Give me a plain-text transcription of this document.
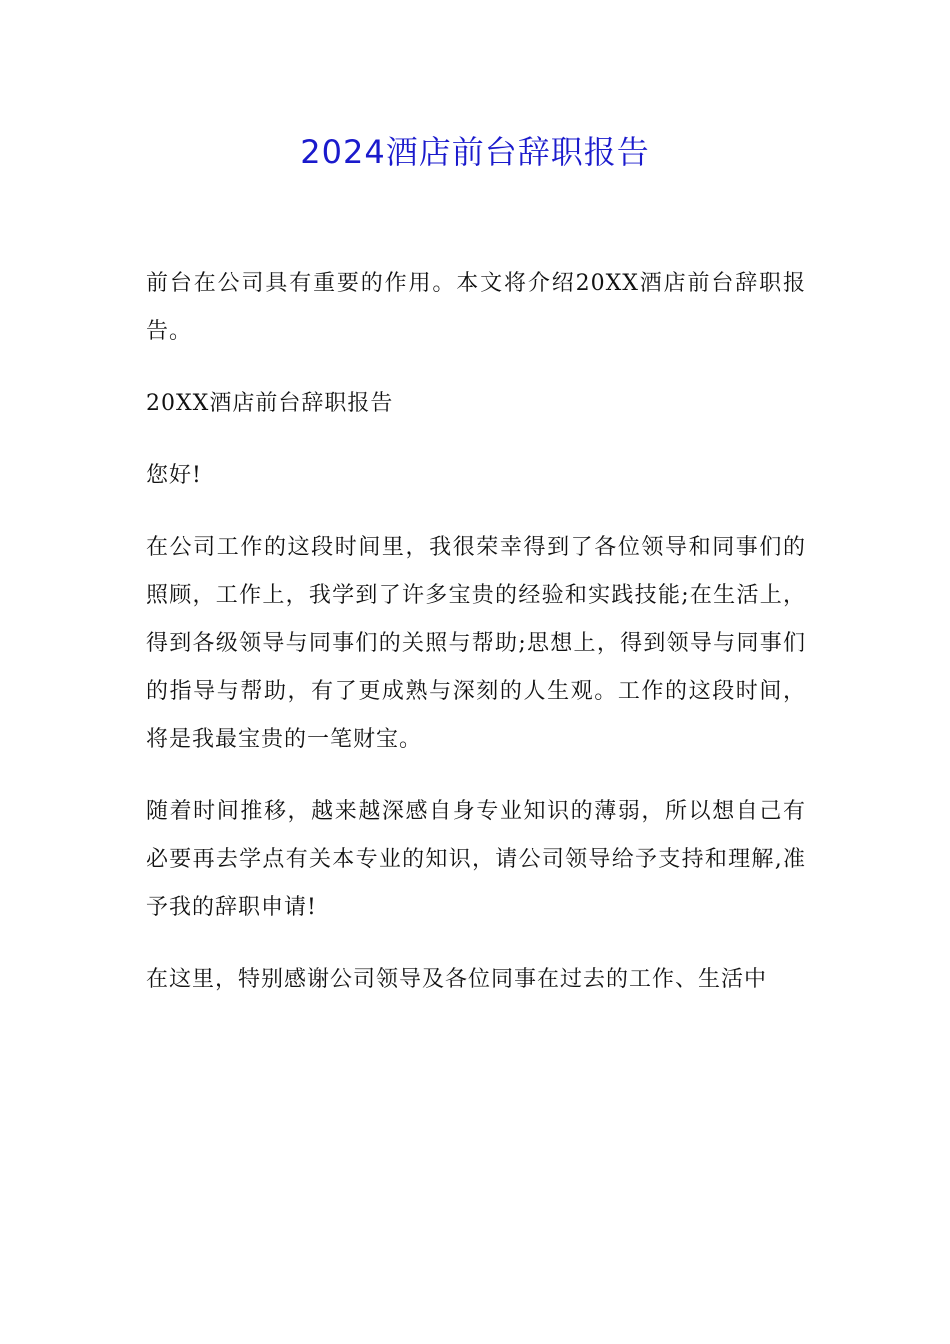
2024酒店前台辞职报告

前台在公司具有重要的作用。本文将介绍20XX酒店前台辞职报告。

20XX酒店前台辞职报告

您好!

在公司工作的这段时间里，我很荣幸得到了各位领导和同事们的照顾，工作上，我学到了许多宝贵的经验和实践技能;在生活上，得到各级领导与同事们的关照与帮助;思想上，得到领导与同事们的指导与帮助，有了更成熟与深刻的人生观。工作的这段时间，将是我最宝贵的一笔财宝。

随着时间推移，越来越深感自身专业知识的薄弱，所以想自己有必要再去学点有关本专业的知识，请公司领导给予支持和理解,准予我的辞职申请!

在这里，特别感谢公司领导及各位同事在过去的工作、生活中
